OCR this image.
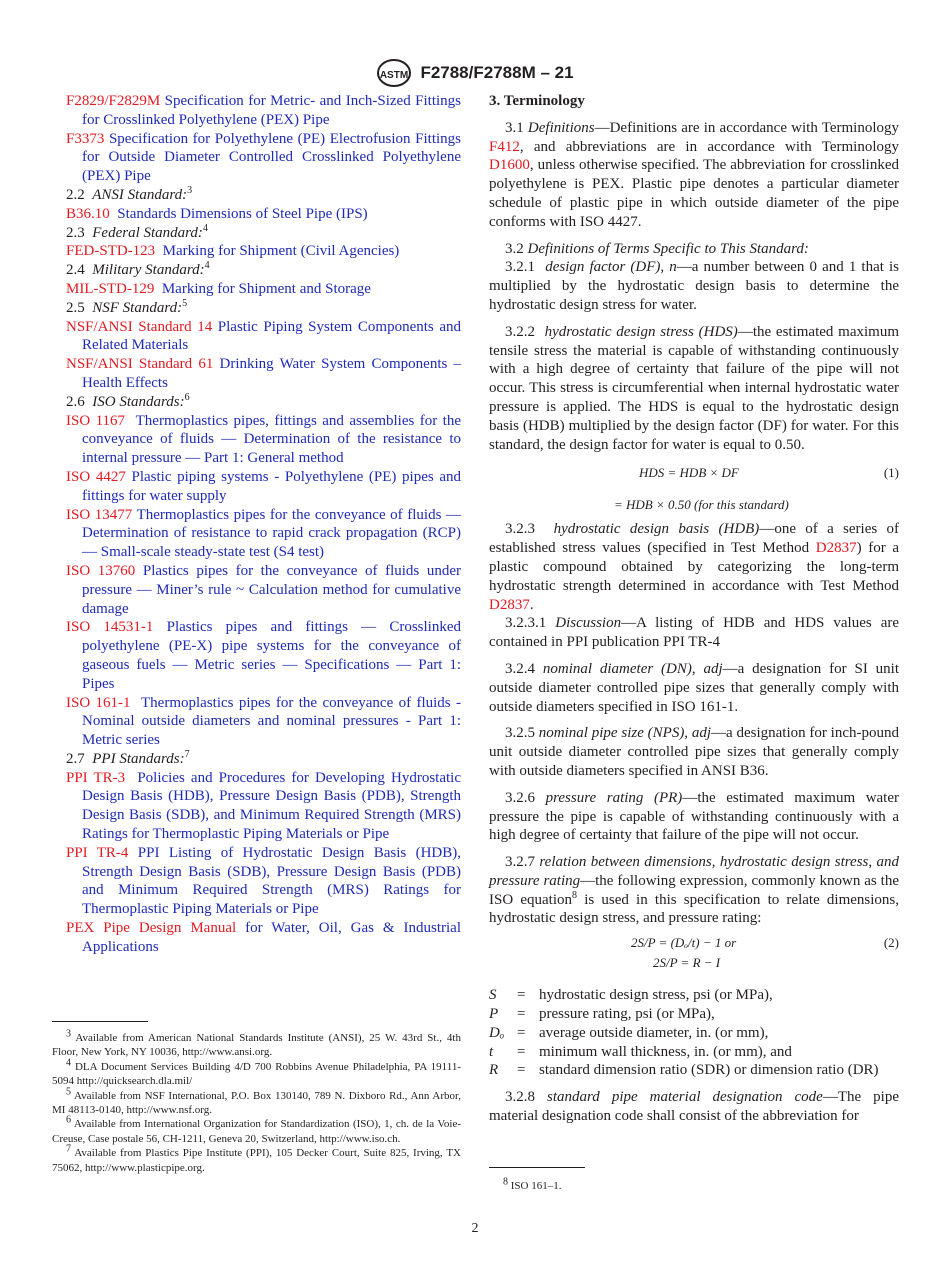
ASTM F2788/F2788M – 21
F2829/F2829M Specification for Metric- and Inch-Sized Fittings for Crosslinked Polyethylene (PEX) Pipe
F3373 Specification for Polyethylene (PE) Electrofusion Fittings for Outside Diameter Controlled Crosslinked Polyethylene (PEX) Pipe
2.2 ANSI Standard:$^3$
B36.10 Standards Dimensions of Steel Pipe (IPS)
2.3 Federal Standard:$^4$
FED-STD-123 Marking for Shipment (Civil Agencies)
2.4 Military Standard:$^4$
MIL-STD-129 Marking for Shipment and Storage
2.5 NSF Standard:$^5$
NSF/ANSI Standard 14 Plastic Piping System Components and Related Materials
NSF/ANSI Standard 61 Drinking Water System Components – Health Effects
2.6 ISO Standards:$^6$
ISO 1167 Thermoplastics pipes, fittings and assemblies for the conveyance of fluids — Determination of the resistance to internal pressure — Part 1: General method
ISO 4427 Plastic piping systems - Polyethylene (PE) pipes and fittings for water supply
ISO 13477 Thermoplastics pipes for the conveyance of fluids — Determination of resistance to rapid crack propagation (RCP) — Small-scale steady-state test (S4 test)
ISO 13760 Plastics pipes for the conveyance of fluids under pressure — Miner’s rule ~ Calculation method for cumulative damage
ISO 14531-1 Plastics pipes and fittings — Crosslinked polyethylene (PE-X) pipe systems for the conveyance of gaseous fuels — Metric series — Specifications — Part 1: Pipes
ISO 161-1 Thermoplastics pipes for the conveyance of fluids - Nominal outside diameters and nominal pressures - Part 1: Metric series
2.7 PPI Standards:$^7$
PPI TR-3 Policies and Procedures for Developing Hydrostatic Design Basis (HDB), Pressure Design Basis (PDB), Strength Design Basis (SDB), and Minimum Required Strength (MRS) Ratings for Thermoplastic Piping Materials or Pipe
PPI TR-4 PPI Listing of Hydrostatic Design Basis (HDB), Strength Design Basis (SDB), Pressure Design Basis (PDB) and Minimum Required Strength (MRS) Ratings for Thermoplastic Piping Materials or Pipe
PEX Pipe Design Manual for Water, Oil, Gas & Industrial Applications
$^3$ Available from American National Standards Institute (ANSI), 25 W. 43rd St., 4th Floor, New York, NY 10036, http://www.ansi.org.
$^4$ DLA Document Services Building 4/D 700 Robbins Avenue Philadelphia, PA 19111-5094 http://quicksearch.dla.mil/
$^5$ Available from NSF International, P.O. Box 130140, 789 N. Dixboro Rd., Ann Arbor, MI 48113-0140, http://www.nsf.org.
$^6$ Available from International Organization for Standardization (ISO), 1, ch. de la Voie-Creuse, Case postale 56, CH-1211, Geneva 20, Switzerland, http://www.iso.ch.
$^7$ Available from Plastics Pipe Institute (PPI), 105 Decker Court, Suite 825, Irving, TX 75062, http://www.plasticpipe.org.
3. Terminology
3.1 Definitions—Definitions are in accordance with Terminology F412, and abbreviations are in accordance with Terminology D1600, unless otherwise specified. The abbreviation for crosslinked polyethylene is PEX. Plastic pipe denotes a particular diameter schedule of plastic pipe in which outside diameter of the pipe conforms with ISO 4427.
3.2 Definitions of Terms Specific to This Standard:
3.2.1 design factor (DF), n—a number between 0 and 1 that is multiplied by the hydrostatic design basis to determine the hydrostatic design stress for water.
3.2.2 hydrostatic design stress (HDS)—the estimated maximum tensile stress the material is capable of withstanding continuously with a high degree of certainty that failure of the pipe will not occur. This stress is circumferential when internal hydrostatic water pressure is applied. The HDS is equal to the hydrostatic design basis (HDB) multiplied by the design factor (DF) for water. For this standard, the design factor for water is equal to 0.50.
HDS = HDB × DF	(1)
= HDB × 0.50 (for this standard)
3.2.3 hydrostatic design basis (HDB)—one of a series of established stress values (specified in Test Method D2837) for a plastic compound obtained by categorizing the long-term hydrostatic strength determined in accordance with Test Method D2837.
3.2.3.1 Discussion—A listing of HDB and HDS values are contained in PPI publication PPI TR-4
3.2.4 nominal diameter (DN), adj—a designation for SI unit outside diameter controlled pipe sizes that generally comply with outside diameters specified in ISO 161-1.
3.2.5 nominal pipe size (NPS), adj—a designation for inch-pound unit outside diameter controlled pipe sizes that generally comply with outside diameters specified in ANSI B36.
3.2.6 pressure rating (PR)—the estimated maximum water pressure the pipe is capable of withstanding continuously with a high degree of certainty that failure of the pipe will not occur.
3.2.7 relation between dimensions, hydrostatic design stress, and pressure rating—the following expression, commonly known as the ISO equation$^8$ is used in this specification to relate dimensions, hydrostatic design stress, and pressure rating:
2S/P = (Dₒ/t) − 1 or	(2)
2S/P = R − I
S	= hydrostatic design stress, psi (or MPa),
P	= pressure rating, psi (or MPa),
Dₒ = average outside diameter, in. (or mm),
t	= minimum wall thickness, in. (or mm), and
R	= standard dimension ratio (SDR) or dimension ratio (DR)
3.2.8 standard pipe material designation code—The pipe material designation code shall consist of the abbreviation for
$^8$ ISO 161–1.
2
